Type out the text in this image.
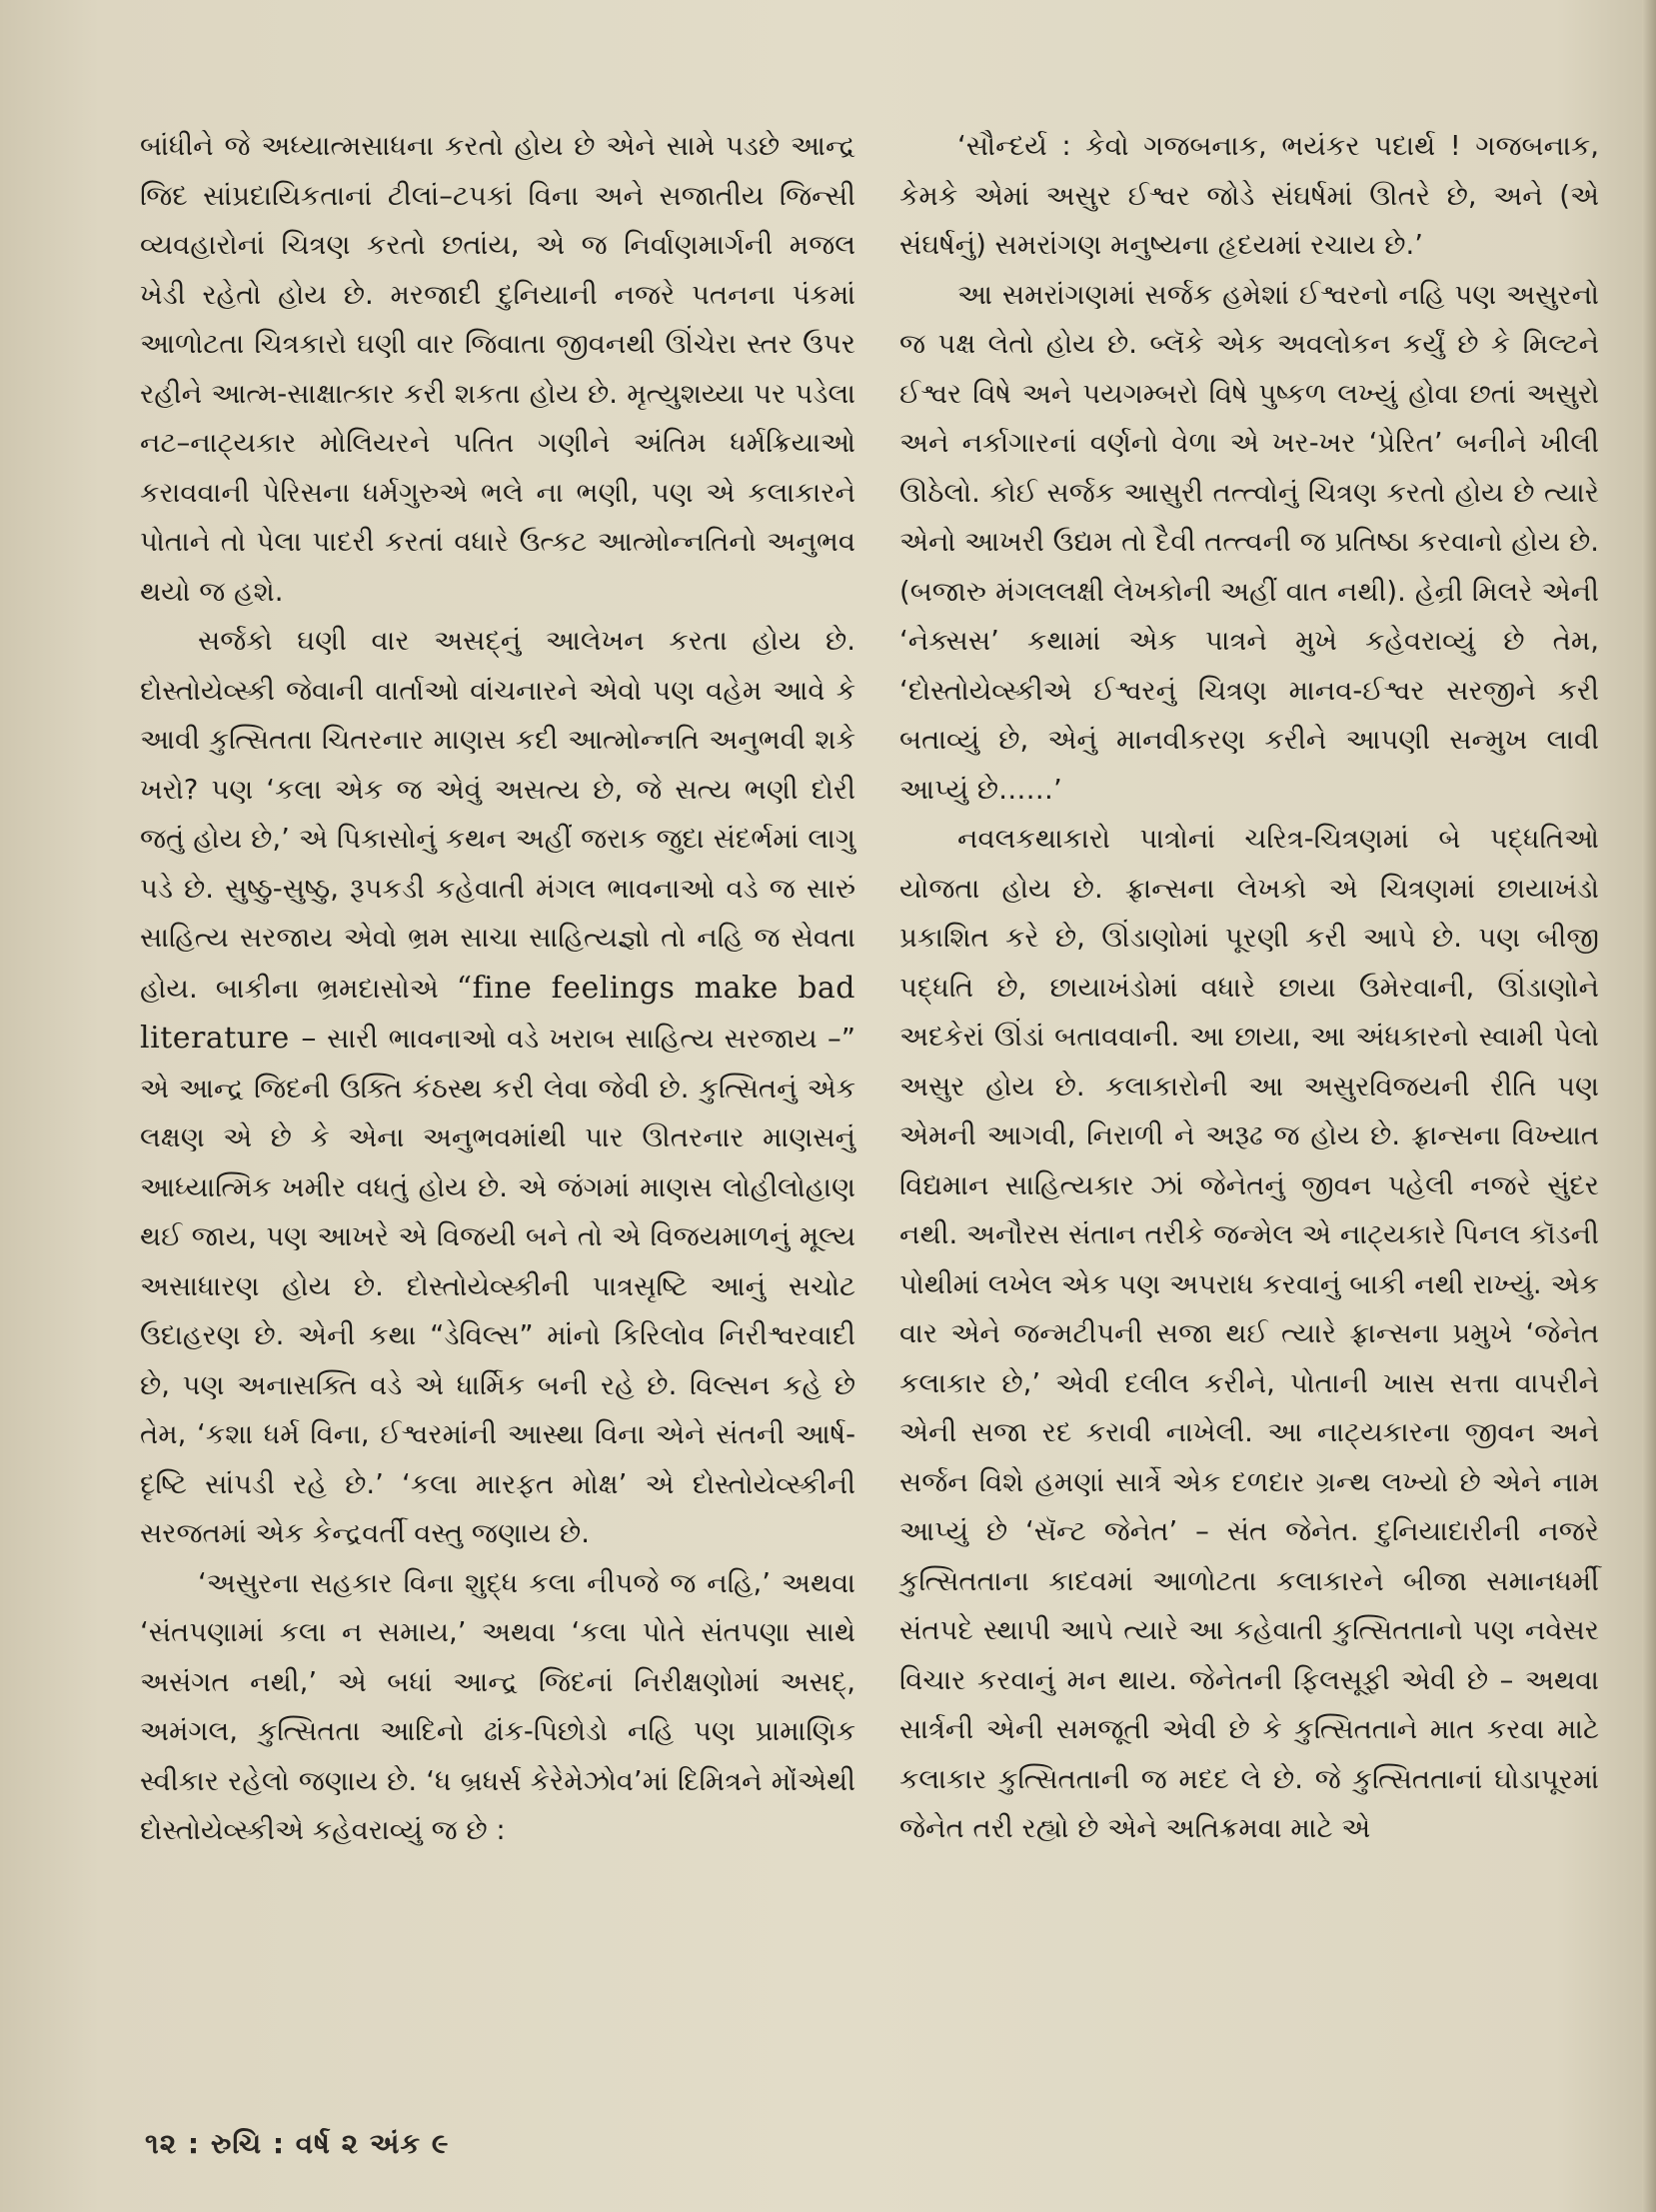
બાંધીને જે અધ્યાત્મસાધના કરતો હોય છે એને સામે પડછે આન્દ્ર જિદ સાંપ્રદાયિકતાનાં ટીલાં–ટપકાં વિના અને સજાતીય જિન્સી વ્યવહારોનાં ચિત્રણ કરતો છતાંય, એ જ નિર્વાણમાર્ગની મજલ ખેડી રહેતો હોય છે. મરજાદી દુનિયાની નજરે પતનના પંકમાં આળોટતા ચિત્રકારો ઘણી વાર જિવાતા જીવનથી ઊંચેરા સ્તર ઉપર રહીને આત્મ-સાક્ષાત્કાર કરી શકતા હોય છે. મૃત્યુશય્યા પર પડેલા નટ–નાટ્યકાર મોલિયરને પતિત ગણીને અંતિમ ધર્મક્રિયાઓ કરાવવાની પેરિસના ધર્મગુરુએ ભલે ના ભણી, પણ એ કલાકારને પોતાને તો પેલા પાદરી કરતાં વધારે ઉત્કટ આત્મોન્નતિનો અનુભવ થયો જ હશે.

સર્જકો ઘણી વાર અસદ્‌નું આલેખન કરતા હોય છે. દોસ્તોયેવ્સ્કી જેવાની વાર્તાઓ વાંચનારને એવો પણ વહેમ આવે કે આવી કુત્સિતતા ચિતરનાર માણસ કદી આત્મોન્નતિ અનુભવી શકે ખરો? પણ ‘કલા એક જ એવું અસત્ય છે, જે સત્ય ભણી દોરી જતું હોય છે,’ એ પિકાસોનું કથન અહીં જરાક જુદા સંદર્ભમાં લાગુ પડે છે. સુષ્ઠુ-સુષ્ઠુ, રૂપકડી કહેવાતી મંગલ ભાવનાઓ વડે જ સારું સાહિત્ય સરજાય એવો ભ્રમ સાચા સાહિત્યજ્ઞો તો નહિ જ સેવતા હોય. બાકીના ભ્રમદાસોએ “fine feelings make bad literature – સારી ભાવનાઓ વડે ખરાબ સાહિત્ય સરજાય –” એ આન્દ્ર જિદની ઉક્તિ કંઠસ્થ કરી લેવા જેવી છે. કુત્સિતનું એક લક્ષણ એ છે કે એના અનુભવમાંથી પાર ઊતરનાર માણસનું આધ્યાત્મિક ખમીર વધતું હોય છે. એ જંગમાં માણસ લોહીલોહાણ થઈ જાય, પણ આખરે એ વિજયી બને તો એ વિજયમાળનું મૂલ્ય અસાધારણ હોય છે. દોસ્તોયેવ્સ્કીની પાત્રસૃષ્ટિ આનું સચોટ ઉદાહરણ છે. એની કથા “ડેવિલ્સ” માંનો કિરિલોવ નિરીશ્વરવાદી છે, પણ અનાસક્તિ વડે એ ધાર્મિક બની રહે છે. વિલ્સન કહે છે તેમ, ‘કશા ધર્મ વિના, ઈશ્વરમાંની આસ્થા વિના એને સંતની આર્ષ-દૃષ્ટિ સાંપડી રહે છે.’ ‘કલા મારફત મોક્ષ’ એ દોસ્તોયેવ્સ્કીની સરજતમાં એક કેન્દ્રવર્તી વસ્તુ જણાય છે.

‘અસુરના સહકાર વિના શુદ્ધ કલા નીપજે જ નહિ,’ અથવા ‘સંતપણામાં કલા ન સમાય,’ અથવા ‘કલા પોતે સંતપણા સાથે અસંગત નથી,’ એ બધાં આન્દ્ર જિદનાં નિરીક્ષણોમાં અસદ્‌, અમંગલ, કુત્સિતતા આદિનો ઢાંક-પિછોડો નહિ પણ પ્રામાણિક સ્વીકાર રહેલો જણાય છે. ‘ધ બ્રધર્સ કેરેમેઝોવ’માં દિમિત્રને મોંએથી દોસ્તોયેવ્સ્કીએ કહેવરાવ્યું જ છે :

‘સૌન્દર્ય : કેવો ગજબનાક, ભયંકર પદાર્થ ! ગજબનાક, કેમકે એમાં અસુર ઈશ્વર જોડે સંઘર્ષમાં ઊતરે છે, અને (એ સંઘર્ષનું) સમરાંગણ મનુષ્યના હૃદયમાં રચાય છે.’

આ સમરાંગણમાં સર્જક હમેશાં ઈશ્વરનો નહિ પણ અસુરનો જ પક્ષ લેતો હોય છે. બ્લૅકે એક અવલોકન કર્યું છે કે મિલ્ટને ઈશ્વર વિષે અને પયગમ્બરો વિષે પુષ્કળ લખ્યું હોવા છતાં અસુરો અને નર્કાગારનાં વર્ણનો વેળા એ ખર-ખર ‘પ્રેરિત’ બનીને ખીલી ઊઠેલો. કોઈ સર્જક આસુરી તત્ત્વોનું ચિત્રણ કરતો હોય છે ત્યારે એનો આખરી ઉદ્યમ તો દૈવી તત્ત્વની જ પ્રતિષ્ઠા કરવાનો હોય છે. (બજારુ મંગલલક્ષી લેખકોની અહીં વાત નથી). હેન્રી મિલરે એની ‘નેક્સસ’ કથામાં એક પાત્રને મુખે કહેવરાવ્યું છે તેમ, ‘દોસ્તોયેવ્સ્કીએ ઈશ્વરનું ચિત્રણ માનવ-ઈશ્વર સરજીને કરી બતાવ્યું છે, એનું માનવીકરણ કરીને આપણી સન્મુખ લાવી આપ્યું છે……’

નવલકથાકારો પાત્રોનાં ચરિત્ર-ચિત્રણમાં બે પદ્ધતિઓ યોજતા હોય છે. ફ્રાન્સના લેખકો એ ચિત્રણમાં છાયાખંડો પ્રકાશિત કરે છે, ઊંડાણોમાં પૂરણી કરી આપે છે. પણ બીજી પદ્ધતિ છે, છાયાખંડોમાં વધારે છાયા ઉમેરવાની, ઊંડાણોને અદકેરાં ઊંડાં બતાવવાની. આ છાયા, આ અંધકારનો સ્વામી પેલો અસુર હોય છે. કલાકારોની આ અસુરવિજયની રીતિ પણ એમની આગવી, નિરાળી ને અરૂઢ જ હોય છે. ફ્રાન્સના વિખ્યાત વિદ્યમાન સાહિત્યકાર ઝાં જેનેતનું જીવન પહેલી નજરે સુંદર નથી. અનૌરસ સંતાન તરીકે જન્મેલ એ નાટ્યકારે પિનલ કૉડની પોથીમાં લખેલ એક પણ અપરાધ કરવાનું બાકી નથી રાખ્યું. એક વાર એને જન્મટીપની સજા થઈ ત્યારે ફ્રાન્સના પ્રમુખે ‘જેનેત કલાકાર છે,’ એવી દલીલ કરીને, પોતાની ખાસ સત્તા વાપરીને એની સજા રદ કરાવી નાખેલી. આ નાટ્યકારના જીવન અને સર્જન વિશે હમણાં સાર્ત્રે એક દળદાર ગ્રન્થ લખ્યો છે એને નામ આપ્યું છે ‘સૅન્ટ જેનેત’ – સંત જેનેત. દુનિયાદારીની નજરે કુત્સિતતાના કાદવમાં આળોટતા કલાકારને બીજા સમાનધર્મી સંતપદે સ્થાપી આપે ત્યારે આ કહેવાતી કુત્સિતતાનો પણ નવેસર વિચાર કરવાનું મન થાય. જેનેતની ફિલસૂફી એવી છે – અથવા સાર્ત્રની એની સમજૂતી એવી છે કે કુત્સિતતાને માત કરવા માટે કલાકાર કુત્સિતતાની જ મદદ લે છે. જે કુત્સિતતાનાં ઘોડાપૂરમાં જેનેત તરી રહ્યો છે એને અતિક્રમવા માટે એ

૧૨ : રુચિ : વર્ષ ૨ અંક ૯
